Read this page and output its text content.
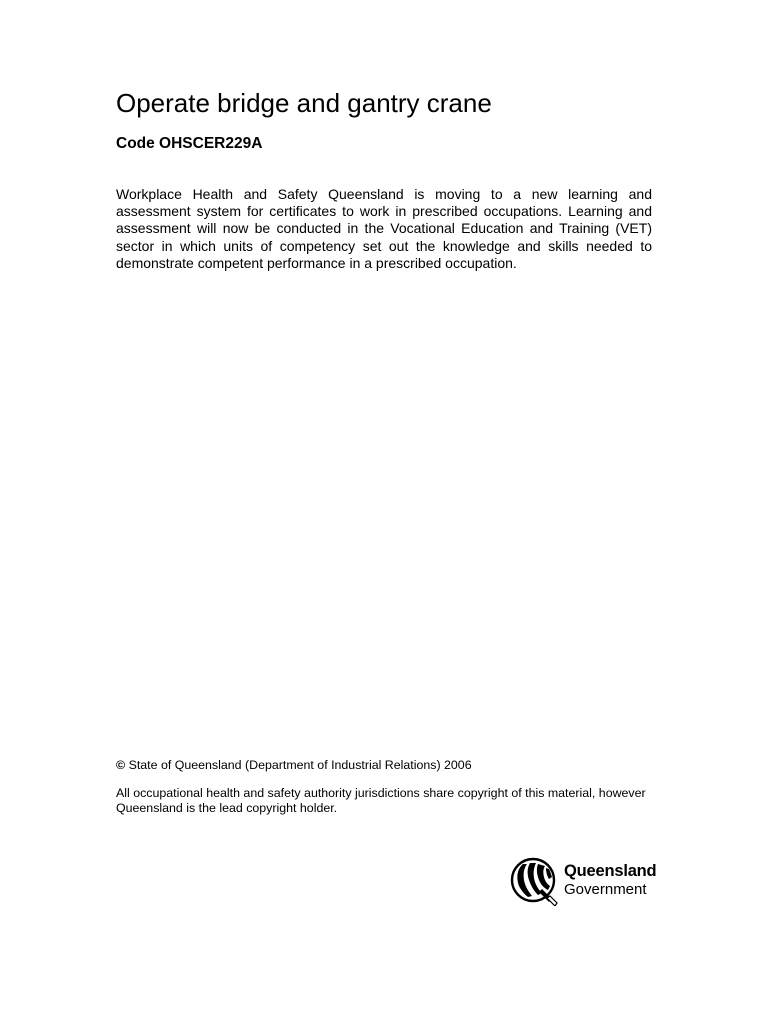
Operate bridge and gantry crane

Code OHSCER229A

Workplace Health and Safety Queensland is moving to a new learning and assessment system for certificates to work in prescribed occupations. Learning and assessment will now be conducted in the Vocational Education and Training (VET) sector in which units of competency set out the knowledge and skills needed to demonstrate competent performance in a prescribed occupation.

© State of Queensland (Department of Industrial Relations) 2006

All occupational health and safety authority jurisdictions share copyright of this material, however Queensland is the lead copyright holder.

Queensland
Government
